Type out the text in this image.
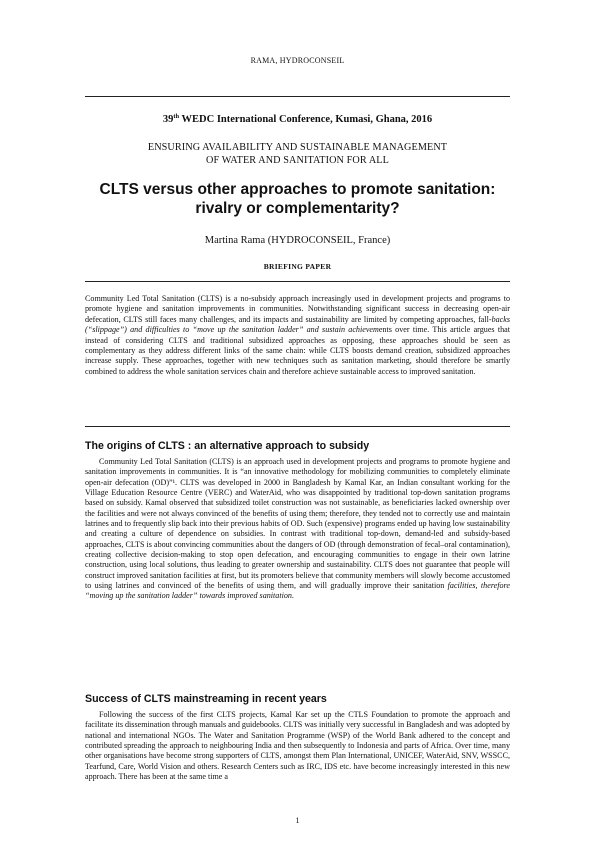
RAMA, HYDROCONSEIL
39th WEDC International Conference, Kumasi, Ghana, 2016
ENSURING AVAILABILITY AND SUSTAINABLE MANAGEMENT
OF WATER AND SANITATION FOR ALL
CLTS versus other approaches to promote sanitation:
rivalry or complementarity?
Martina Rama (HYDROCONSEIL, France)
BRIEFING PAPER

Community Led Total Sanitation (CLTS) is a no-subsidy approach increasingly used in development projects and programs to promote hygiene and sanitation improvements in communities. Notwithstanding significant success in decreasing open-air defecation, CLTS still faces many challenges, and its impacts and sustainability are limited by competing approaches, fall-backs (“slippage”) and difficulties to “move up the sanitation ladder” and sustain achievements over time. This article argues that instead of considering CLTS and traditional subsidized approaches as opposing, these approaches should be seen as complementary as they address different links of the same chain: while CLTS boosts demand creation, subsidized approaches increase supply. These approaches, together with new techniques such as sanitation marketing, should therefore be smartly combined to address the whole sanitation services chain and therefore achieve sustainable access to improved sanitation.

The origins of CLTS : an alternative approach to subsidy

Community Led Total Sanitation (CLTS) is an approach used in development projects and programs to promote hygiene and sanitation improvements in communities. It is “an innovative methodology for mobilizing communities to completely eliminate open-air defecation (OD)”¹. CLTS was developed in 2000 in Bangladesh by Kamal Kar, an Indian consultant working for the Village Education Resource Centre (VERC) and WaterAid, who was disappointed by traditional top-down sanitation programs based on subsidy. Kamal observed that subsidized toilet construction was not sustainable, as beneficiaries lacked ownership over the facilities and were not always convinced of the benefits of using them; therefore, they tended not to correctly use and maintain latrines and to frequently slip back into their previous habits of OD. Such (expensive) programs ended up having low sustainability and creating a culture of dependence on subsidies. In contrast with traditional top-down, demand-led and subsidy-based approaches, CLTS is about convincing communities about the dangers of OD (through demonstration of fecal–oral contamination), creating collective decision-making to stop open defecation, and encouraging communities to engage in their own latrine construction, using local solutions, thus leading to greater ownership and sustainability. CLTS does not guarantee that people will construct improved sanitation facilities at first, but its promoters believe that community members will slowly become accustomed to using latrines and convinced of the benefits of using them, and will gradually improve their sanitation facilities, therefore “moving up the sanitation ladder” towards improved sanitation.

Success of CLTS mainstreaming in recent years

Following the success of the first CLTS projects, Kamal Kar set up the CTLS Foundation to promote the approach and facilitate its dissemination through manuals and guidebooks. CLTS was initially very successful in Bangladesh and was adopted by national and international NGOs. The Water and Sanitation Programme (WSP) of the World Bank adhered to the concept and contributed spreading the approach to neighbouring India and then subsequently to Indonesia and parts of Africa. Over time, many other organisations have become strong supporters of CLTS, amongst them Plan International, UNICEF, WaterAid, SNV, WSSCC, Tearfund, Care, World Vision and others. Research Centers such as IRC, IDS etc. have become increasingly interested in this new approach. There has been at the same time a

1
